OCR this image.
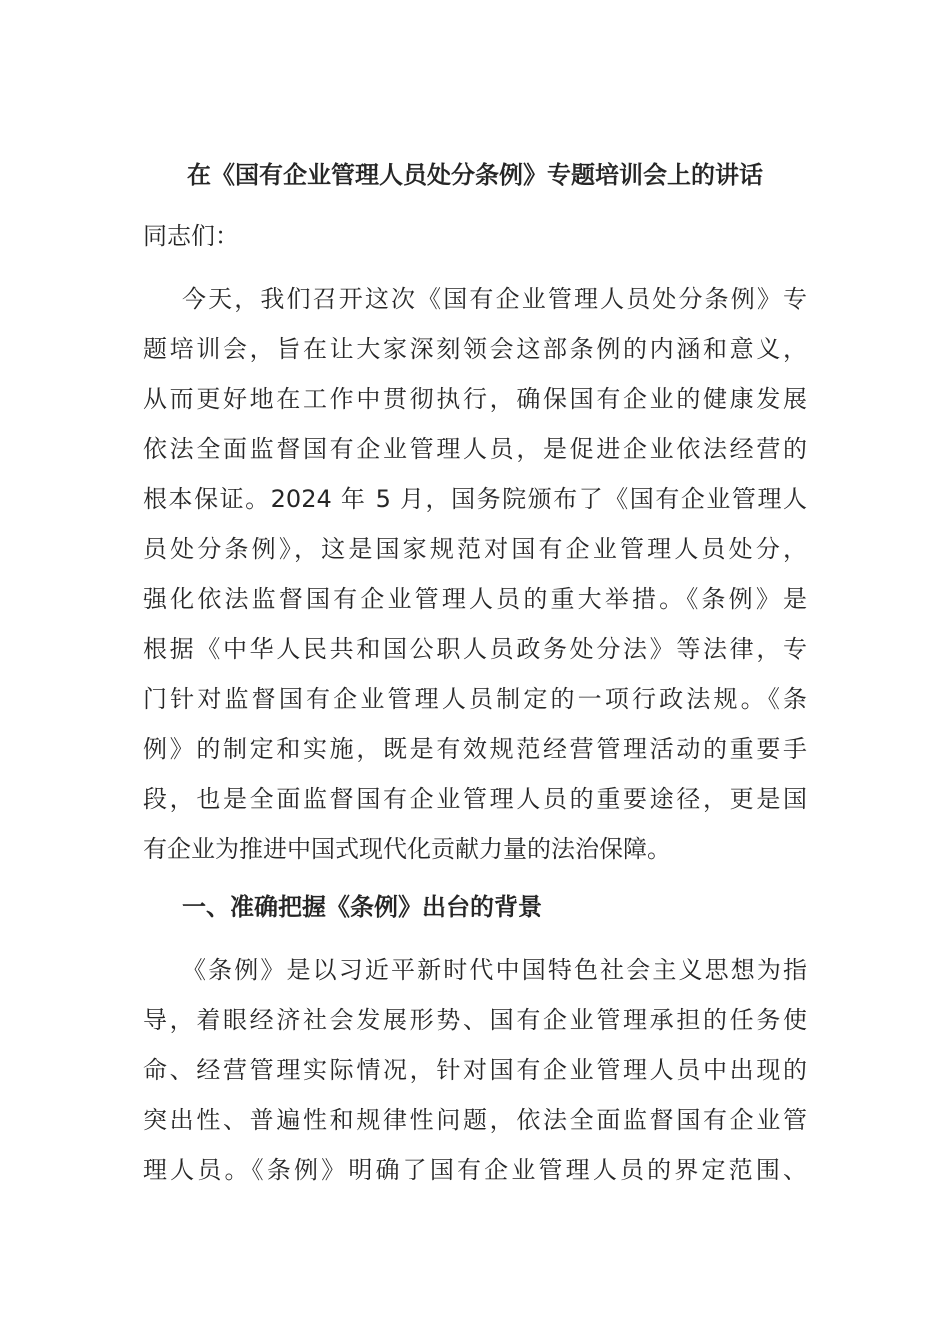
在《国有企业管理人员处分条例》专题培训会上的讲话
同志们：
今天，我们召开这次《国有企业管理人员处分条例》专
题培训会，旨在让大家深刻领会这部条例的内涵和意义，
从而更好地在工作中贯彻执行，确保国有企业的健康发展
依法全面监督国有企业管理人员，是促进企业依法经营的
根本保证。2024 年 5 月，国务院颁布了《国有企业管理人
员处分条例》，这是国家规范对国有企业管理人员处分，
强化依法监督国有企业管理人员的重大举措。《条例》是
根据《中华人民共和国公职人员政务处分法》等法律，专
门针对监督国有企业管理人员制定的一项行政法规。《条
例》的制定和实施，既是有效规范经营管理活动的重要手
段，也是全面监督国有企业管理人员的重要途径，更是国
有企业为推进中国式现代化贡献力量的法治保障。
一、准确把握《条例》出台的背景
《条例》是以习近平新时代中国特色社会主义思想为指
导，着眼经济社会发展形势、国有企业管理承担的任务使
命、经营管理实际情况，针对国有企业管理人员中出现的
突出性、普遍性和规律性问题，依法全面监督国有企业管
理人员。《条例》明确了国有企业管理人员的界定范围、
